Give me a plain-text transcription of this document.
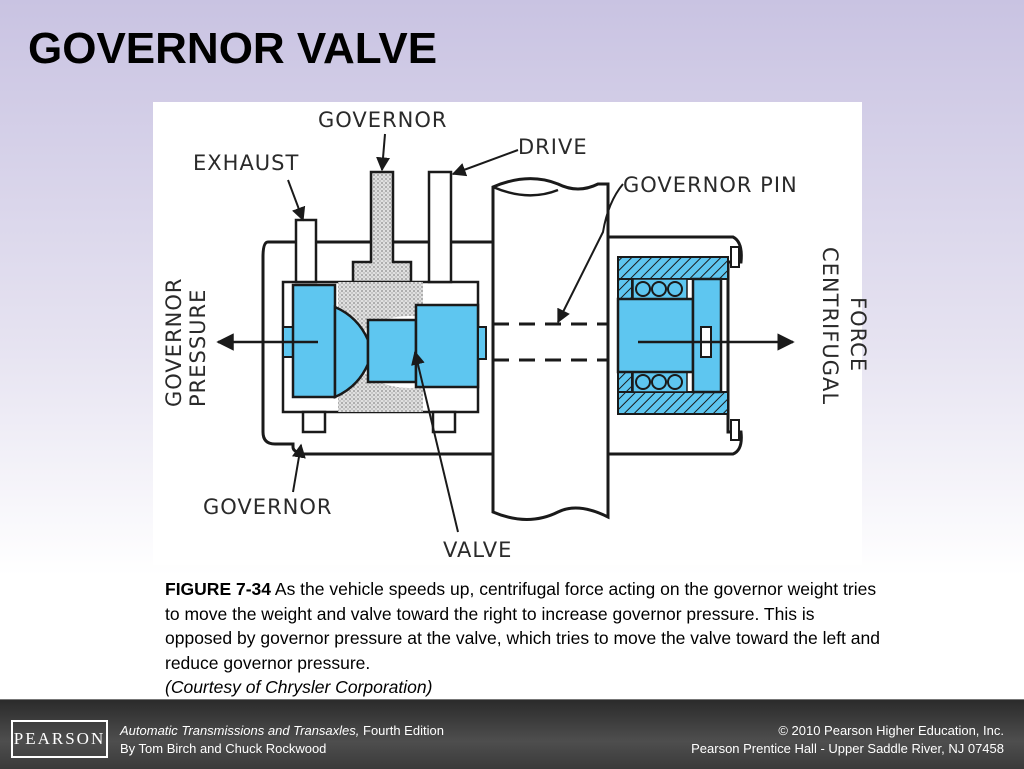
GOVERNOR VALVE
GOVERNOR
EXHAUST
DRIVE
GOVERNOR PIN
GOVERNOR PRESSURE	CENTRIFUGAL FORCE
GOVERNOR
VALVE
FIGURE 7-34 As the vehicle speeds up, centrifugal force acting on the governor weight tries to move the weight and valve toward the right to increase governor pressure. This is opposed by governor pressure at the valve, which tries to move the valve toward the left and reduce governor pressure.
(Courtesy of Chrysler Corporation)
PEARSON Automatic Transmissions and Transaxles, Fourth Edition
By Tom Birch and Chuck Rockwood
© 2010 Pearson Higher Education, Inc.
Pearson Prentice Hall - Upper Saddle River, NJ 07458
